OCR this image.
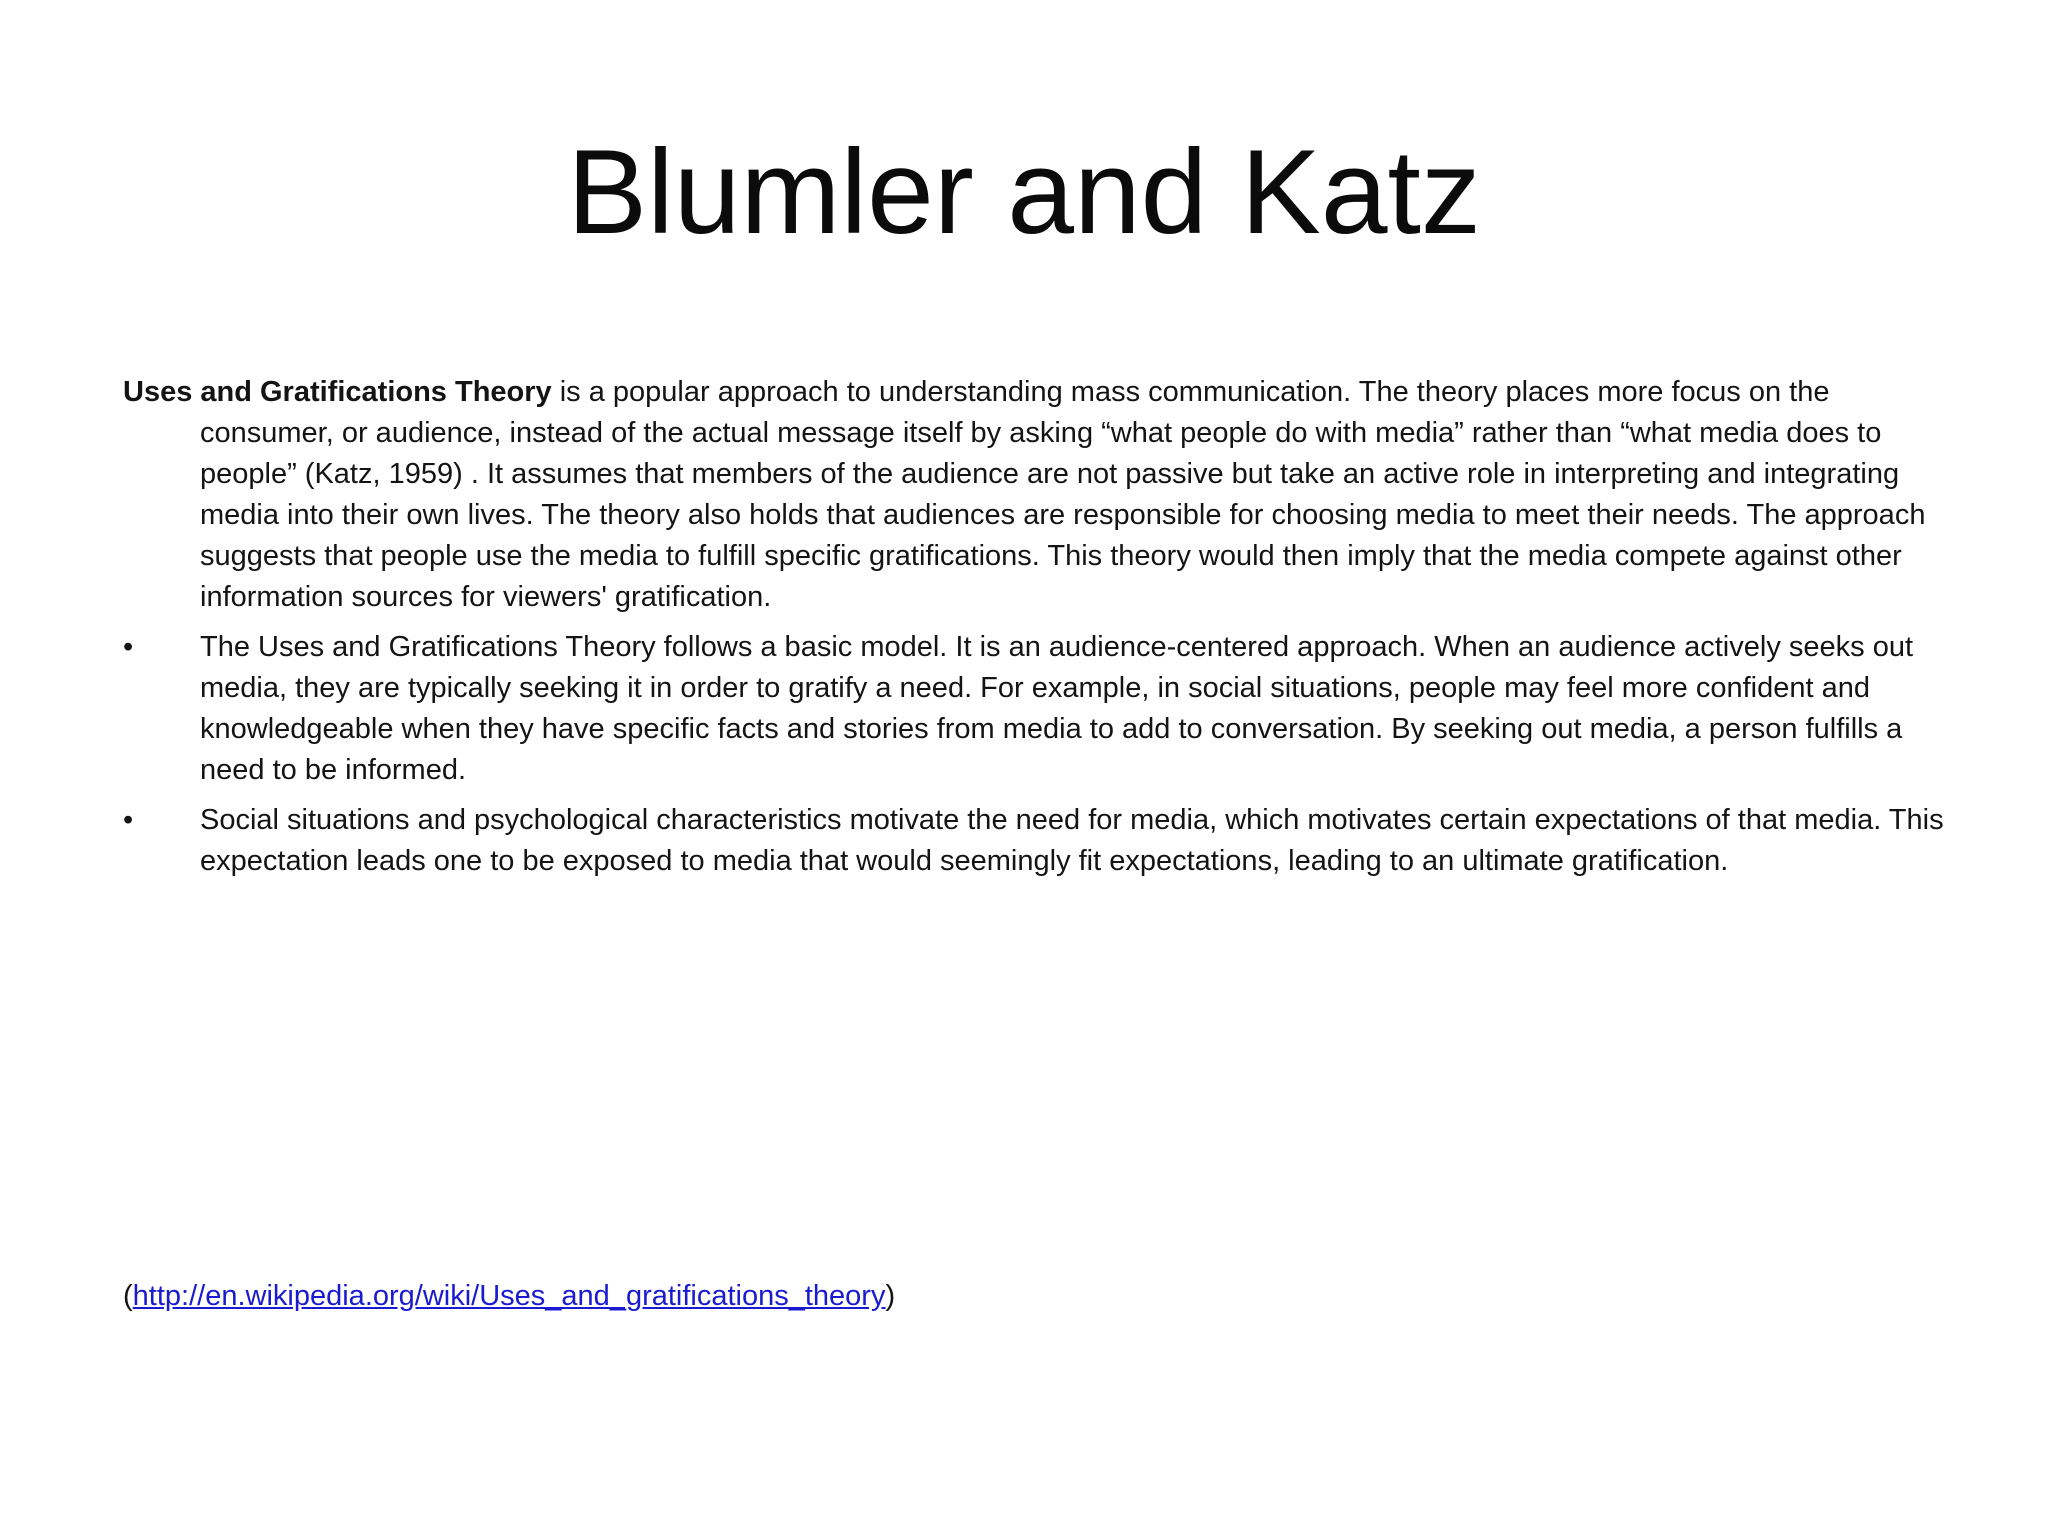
Blumler and Katz

Uses and Gratifications Theory is a popular approach to understanding mass communication. The theory places more focus on the consumer, or audience, instead of the actual message itself by asking “what people do with media” rather than “what media does to people” (Katz, 1959) . It assumes that members of the audience are not passive but take an active role in interpreting and integrating media into their own lives. The theory also holds that audiences are responsible for choosing media to meet their needs. The approach suggests that people use the media to fulfill specific gratifications. This theory would then imply that the media compete against other information sources for viewers' gratification.

•	The Uses and Gratifications Theory follows a basic model. It is an audience-centered approach. When an audience actively seeks out media, they are typically seeking it in order to gratify a need. For example, in social situations, people may feel more confident and knowledgeable when they have specific facts and stories from media to add to conversation. By seeking out media, a person fulfills a need to be informed.
•	Social situations and psychological characteristics motivate the need for media, which motivates certain expectations of that media. This expectation leads one to be exposed to media that would seemingly fit expectations, leading to an ultimate gratification.
(http://en.wikipedia.org/wiki/Uses_and_gratifications_theory)
